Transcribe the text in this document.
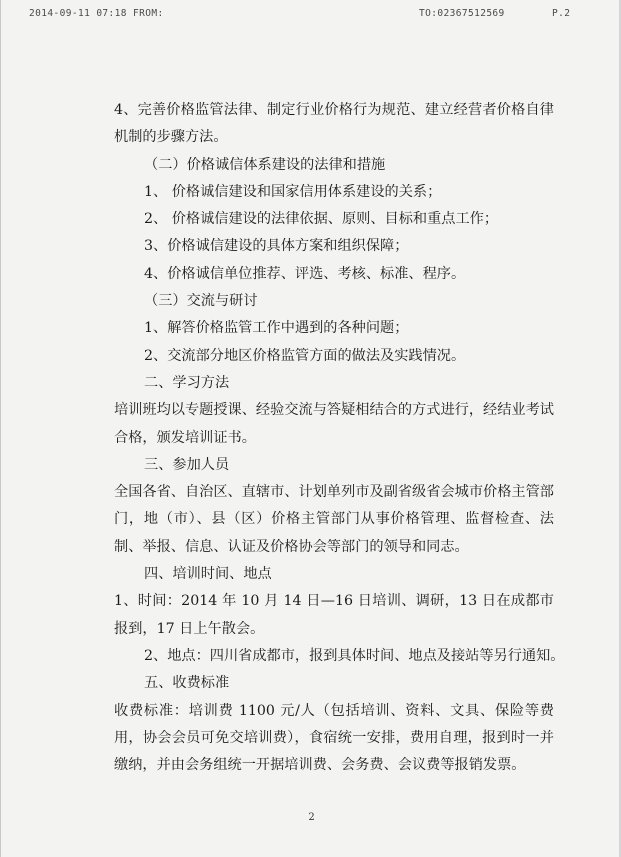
2014-09-11 07:18 FROM:	TO:02367512569	P.2

4、完善价格监管法律、制定行业价格行为规范、建立经营者价格自律机制的步骤方法。

（二）价格诚信体系建设的法律和措施

1、 价格诚信建设和国家信用体系建设的关系；

2、 价格诚信建设的法律依据、原则、目标和重点工作；

3、价格诚信建设的具体方案和组织保障；

4、价格诚信单位推荐、评选、考核、标准、程序。

（三）交流与研讨

1、解答价格监管工作中遇到的各种问题；

2、交流部分地区价格监管方面的做法及实践情况。

二、学习方法

培训班均以专题授课、经验交流与答疑相结合的方式进行，经结业考试合格，颁发培训证书。

三、参加人员

全国各省、自治区、直辖市、计划单列市及副省级省会城市价格主管部门，地（市）、县（区）价格主管部门从事价格管理、监督检查、法制、举报、信息、认证及价格协会等部门的领导和同志。

四、培训时间、地点

1、时间：2014 年 10 月 14 日—16 日培训、调研，13 日在成都市报到，17 日上午散会。

2、地点：四川省成都市，报到具体时间、地点及接站等另行通知。

五、收费标准

收费标准：培训费 1100 元/人（包括培训、资料、文具、保险等费用，协会会员可免交培训费），食宿统一安排，费用自理，报到时一并缴纳，并由会务组统一开据培训费、会务费、会议费等报销发票。

2
